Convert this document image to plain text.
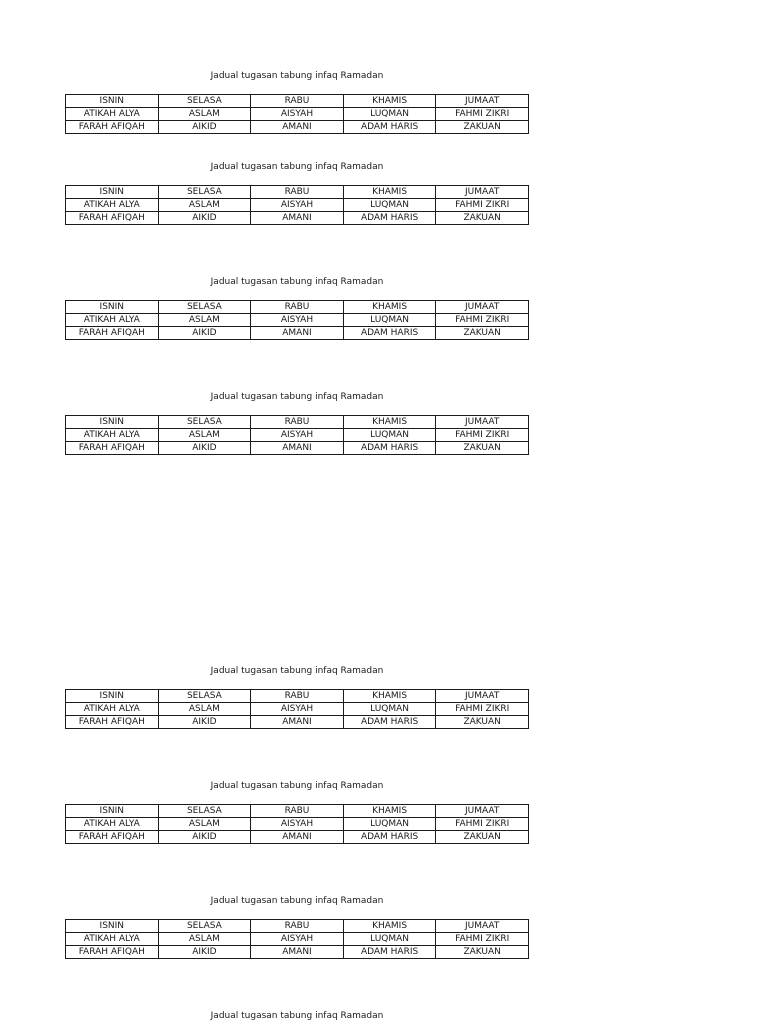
Jadual tugasan tabung infaq Ramadan
ISNIN	SELASA	RABU	KHAMIS	JUMAAT
ATIKAH ALYA	ASLAM	AISYAH	LUQMAN	FAHMI ZIKRI
FARAH AFIQAH	AIKID	AMANI	ADAM HARIS	ZAKUAN
Jadual tugasan tabung infaq Ramadan
ISNIN	SELASA	RABU	KHAMIS	JUMAAT
ATIKAH ALYA	ASLAM	AISYAH	LUQMAN	FAHMI ZIKRI
FARAH AFIQAH	AIKID	AMANI	ADAM HARIS	ZAKUAN
Jadual tugasan tabung infaq Ramadan
ISNIN	SELASA	RABU	KHAMIS	JUMAAT
ATIKAH ALYA	ASLAM	AISYAH	LUQMAN	FAHMI ZIKRI
FARAH AFIQAH	AIKID	AMANI	ADAM HARIS	ZAKUAN
Jadual tugasan tabung infaq Ramadan
ISNIN	SELASA	RABU	KHAMIS	JUMAAT
ATIKAH ALYA	ASLAM	AISYAH	LUQMAN	FAHMI ZIKRI
FARAH AFIQAH	AIKID	AMANI	ADAM HARIS	ZAKUAN
Jadual tugasan tabung infaq Ramadan
ISNIN	SELASA	RABU	KHAMIS	JUMAAT
ATIKAH ALYA	ASLAM	AISYAH	LUQMAN	FAHMI ZIKRI
FARAH AFIQAH	AIKID	AMANI	ADAM HARIS	ZAKUAN
Jadual tugasan tabung infaq Ramadan
ISNIN	SELASA	RABU	KHAMIS	JUMAAT
ATIKAH ALYA	ASLAM	AISYAH	LUQMAN	FAHMI ZIKRI
FARAH AFIQAH	AIKID	AMANI	ADAM HARIS	ZAKUAN
Jadual tugasan tabung infaq Ramadan
ISNIN	SELASA	RABU	KHAMIS	JUMAAT
ATIKAH ALYA	ASLAM	AISYAH	LUQMAN	FAHMI ZIKRI
FARAH AFIQAH	AIKID	AMANI	ADAM HARIS	ZAKUAN
Jadual tugasan tabung infaq Ramadan
